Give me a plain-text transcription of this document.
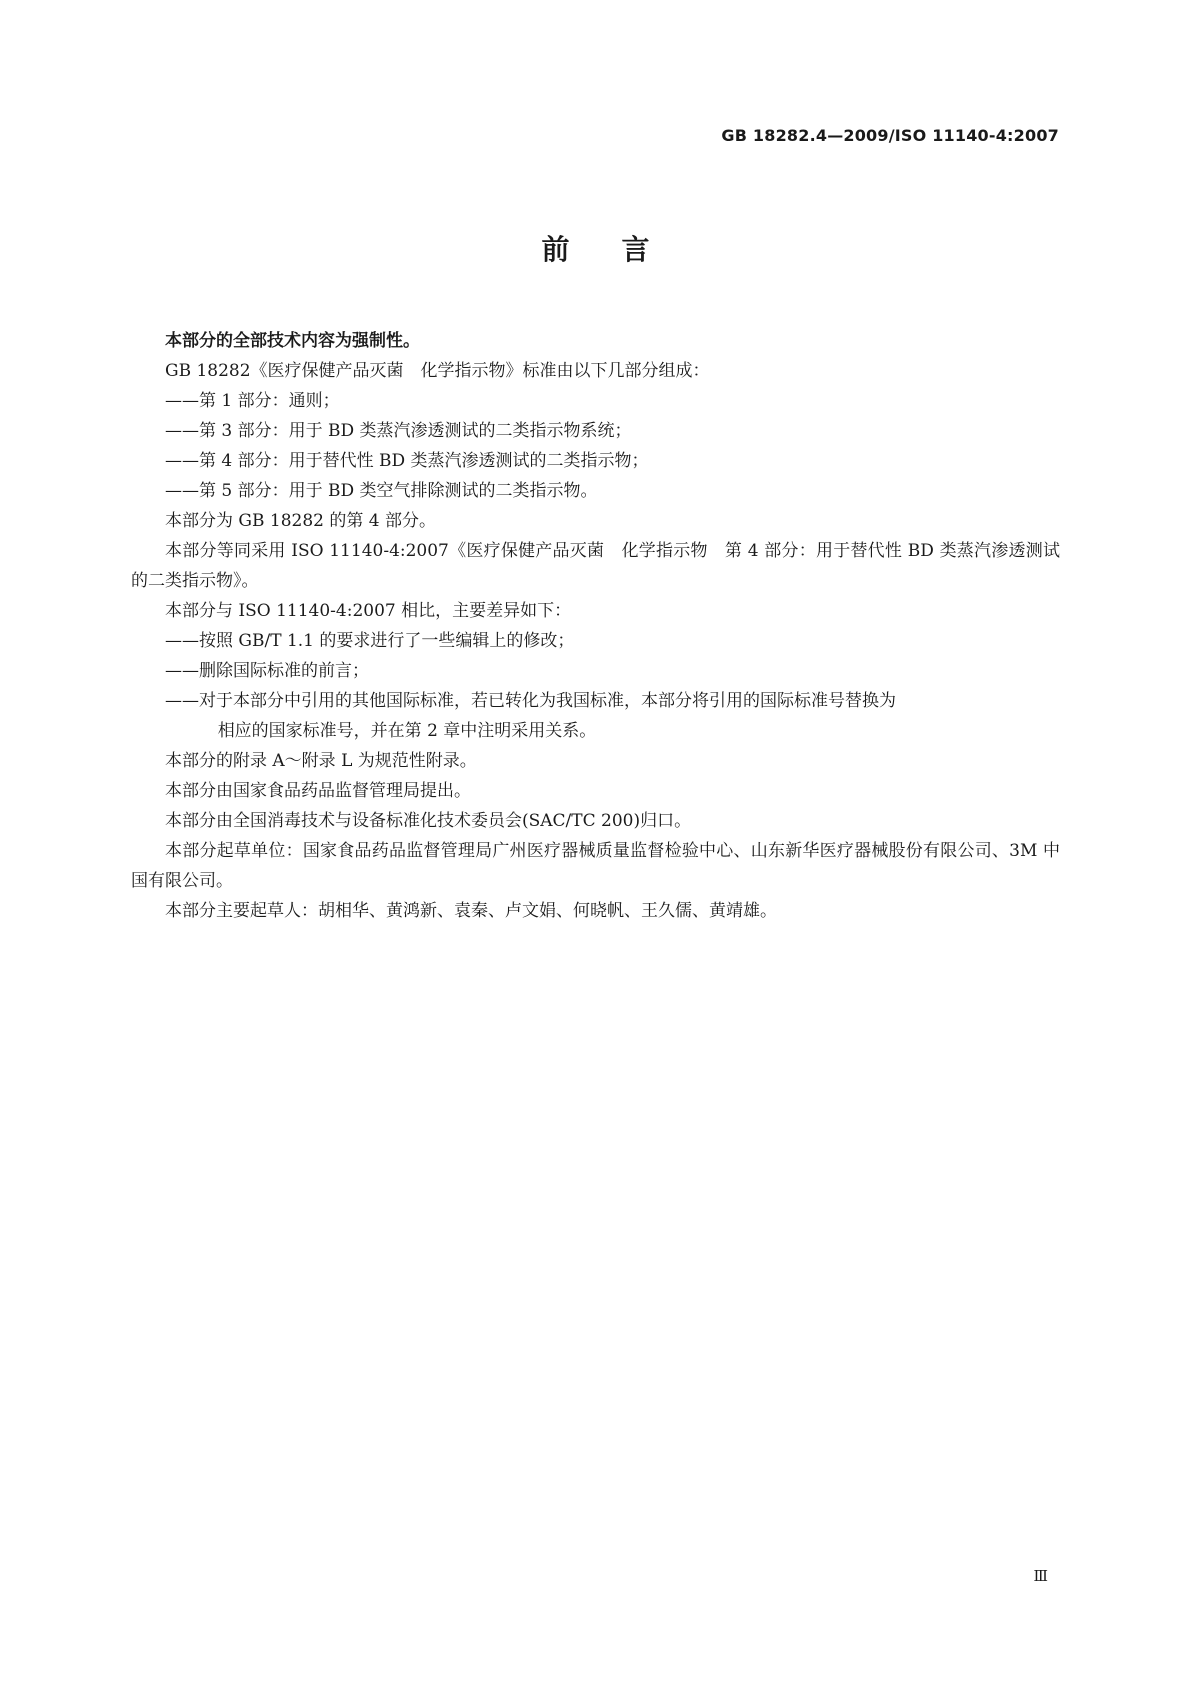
GB 18282.4—2009/ISO 11140-4:2007
前言

本部分的全部技术内容为强制性。

GB 18282《医疗保健产品灭菌　化学指示物》标准由以下几部分组成：

——第 1 部分：通则；

——第 3 部分：用于 BD 类蒸汽渗透测试的二类指示物系统；

——第 4 部分：用于替代性 BD 类蒸汽渗透测试的二类指示物；

——第 5 部分：用于 BD 类空气排除测试的二类指示物。

本部分为 GB 18282 的第 4 部分。

本部分等同采用 ISO 11140-4:2007《医疗保健产品灭菌　化学指示物　第 4 部分：用于替代性 BD 类蒸汽渗透测试的二类指示物》。

本部分与 ISO 11140-4:2007 相比，主要差异如下：

——按照 GB/T 1.1 的要求进行了一些编辑上的修改；

——删除国际标准的前言；

——对于本部分中引用的其他国际标准，若已转化为我国标准，本部分将引用的国际标准号替换为

相应的国家标准号，并在第 2 章中注明采用关系。

本部分的附录 A～附录 L 为规范性附录。

本部分由国家食品药品监督管理局提出。

本部分由全国消毒技术与设备标准化技术委员会(SAC/TC 200)归口。

本部分起草单位：国家食品药品监督管理局广州医疗器械质量监督检验中心、山东新华医疗器械股份有限公司、3M 中国有限公司。

本部分主要起草人：胡相华、黄鸿新、袁秦、卢文娟、何晓帆、王久儒、黄靖雄。

Ⅲ
